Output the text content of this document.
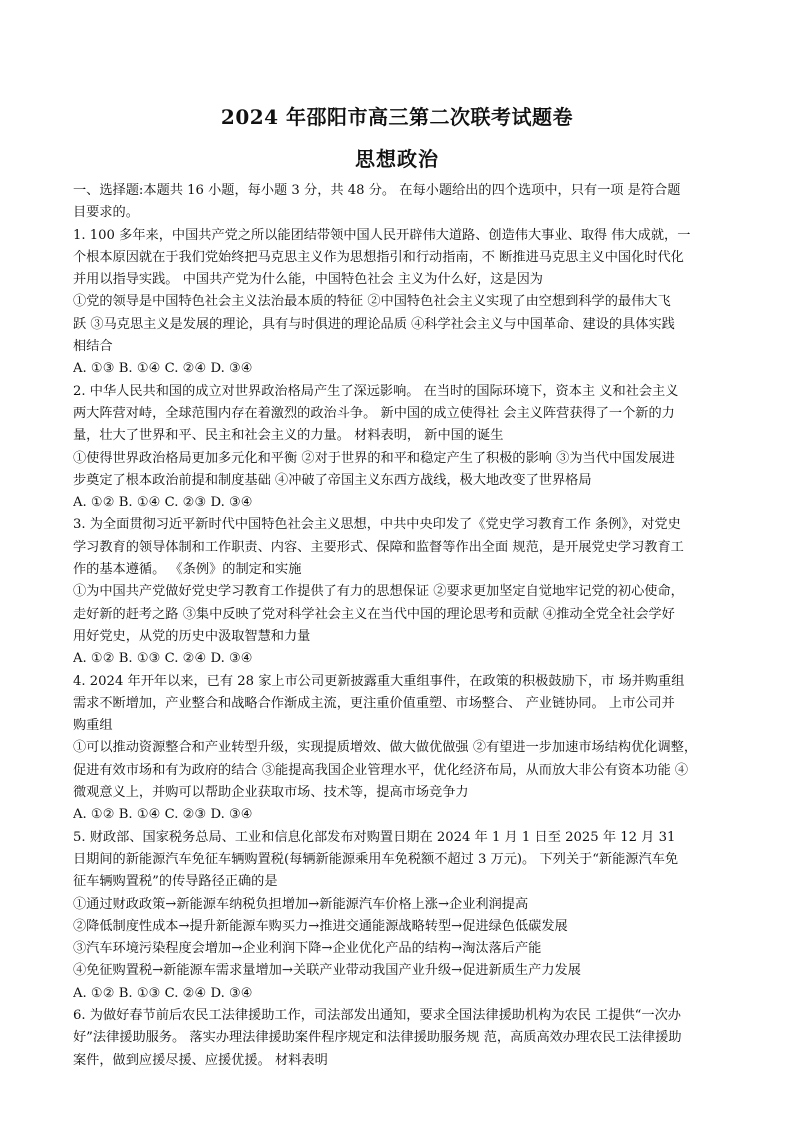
2024 年邵阳市高三第二次联考试题卷
思想政治
一、选择题:本题共 16 小题，每小题 3 分，共 48 分。 在每小题给出的四个选项中，只有一项 是符合题
目要求的。
1. 100 多年来，中国共产党之所以能团结带领中国人民开辟伟大道路、创造伟大事业、取得 伟大成就，一
个根本原因就在于我们党始终把马克思主义作为思想指引和行动指南，不 断推进马克思主义中国化时代化
并用以指导实践。 中国共产党为什么能，中国特色社会 主义为什么好，这是因为
①党的领导是中国特色社会主义法治最本质的特征 ②中国特色社会主义实现了由空想到科学的最伟大飞
跃 ③马克思主义是发展的理论，具有与时俱进的理论品质 ④科学社会主义与中国革命、建设的具体实践
相结合
A. ①③ B. ①④ C. ②④ D. ③④
2. 中华人民共和国的成立对世界政治格局产生了深远影响。 在当时的国际环境下，资本主 义和社会主义
两大阵营对峙，全球范围内存在着激烈的政治斗争。 新中国的成立使得社 会主义阵营获得了一个新的力
量，壮大了世界和平、民主和社会主义的力量。 材料表明， 新中国的诞生
①使得世界政治格局更加多元化和平衡 ②对于世界的和平和稳定产生了积极的影响 ③为当代中国发展进
步奠定了根本政治前提和制度基础 ④冲破了帝国主义东西方战线，极大地改变了世界格局
A. ①② B. ①④ C. ②③ D. ③④
3. 为全面贯彻习近平新时代中国特色社会主义思想，中共中央印发了《党史学习教育工作 条例》，对党史
学习教育的领导体制和工作职责、内容、主要形式、保障和监督等作出全面 规范，是开展党史学习教育工
作的基本遵循。 《条例》的制定和实施
①为中国共产党做好党史学习教育工作提供了有力的思想保证 ②要求更加坚定自觉地牢记党的初心使命，
走好新的赶考之路 ③集中反映了党对科学社会主义在当代中国的理论思考和贡献 ④推动全党全社会学好
用好党史，从党的历史中汲取智慧和力量
A. ①② B. ①③ C. ②④ D. ③④
4. 2024 年开年以来，已有 28 家上市公司更新披露重大重组事件，在政策的积极鼓励下，市 场并购重组
需求不断增加，产业整合和战略合作渐成主流，更注重价值重塑、市场整合、 产业链协同。 上市公司并
购重组
①可以推动资源整合和产业转型升级，实现提质增效、做大做优做强 ②有望进一步加速市场结构优化调整，
促进有效市场和有为政府的结合 ③能提高我国企业管理水平，优化经济布局，从而放大非公有资本功能 ④
微观意义上，并购可以帮助企业获取市场、技术等，提高市场竞争力
A. ①② B. ①④ C. ②③ D. ③④
5. 财政部、国家税务总局、工业和信息化部发布对购置日期在 2024 年 1 月 1 日至 2025 年 12 月 31
日期间的新能源汽车免征车辆购置税(每辆新能源乘用车免税额不超过 3 万元)。 下列关于“新能源汽车免
征车辆购置税”的传导路径正确的是
①通过财政政策→新能源车纳税负担增加→新能源汽车价格上涨→企业利润提高
②降低制度性成本→提升新能源车购买力→推进交通能源战略转型→促进绿色低碳发展
③汽车环境污染程度会增加→企业利润下降→企业优化产品的结构→淘汰落后产能
④免征购置税→新能源车需求量增加→关联产业带动我国产业升级→促进新质生产力发展
A. ①② B. ①③ C. ②④ D. ③④
6. 为做好春节前后农民工法律援助工作，司法部发出通知，要求全国法律援助机构为农民 工提供“一次办
好”法律援助服务。 落实办理法律援助案件程序规定和法律援助服务规 范，高质高效办理农民工法律援助
案件，做到应援尽援、应援优援。 材料表明
